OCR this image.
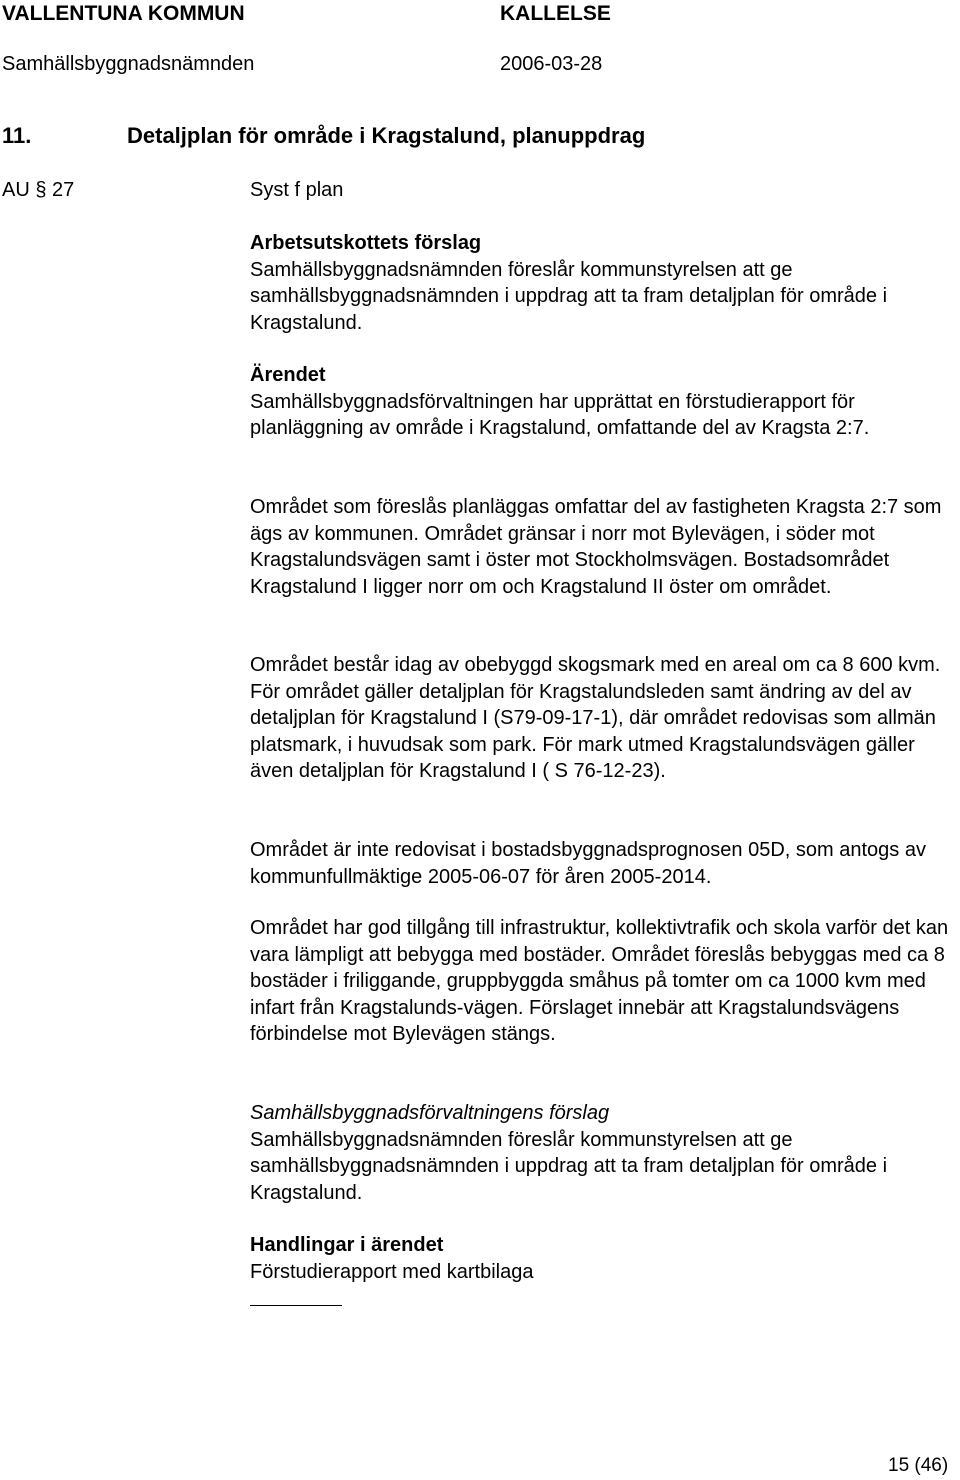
VALLENTUNA KOMMUN	KALLELSE
Samhällsbyggnadsnämnden	2006-03-28
11.	Detaljplan för område i Kragstalund, planuppdrag
AU § 27	Syst f plan

Arbetsutskottets förslag

Samhällsbyggnadsnämnden föreslår kommunstyrelsen att ge samhällsbyggnadsnämnden i uppdrag att ta fram detaljplan för område i Kragstalund.

Ärendet

Samhällsbyggnadsförvaltningen har upprättat en förstudierapport för planläggning av område i Kragstalund, omfattande del av Kragsta 2:7.

Området som föreslås planläggas omfattar del av fastigheten Kragsta 2:7 som ägs av kommunen. Området gränsar i norr mot Bylevägen, i söder mot Kragstalundsvägen samt i öster mot Stockholmsvägen. Bostadsområdet Kragstalund I ligger norr om och Kragstalund II öster om området.

Området består idag av obebyggd skogsmark med en areal om ca 8 600 kvm. För området gäller detaljplan för Kragstalundsleden samt ändring av del av detaljplan för Kragstalund I (S79-09-17-1), där området redovisas som allmän platsmark, i huvudsak som park. För mark utmed Kragstalundsvägen gäller även detaljplan för Kragstalund I ( S 76-12-23).

Området är inte redovisat i bostadsbyggnadsprognosen 05D, som antogs av kommunfullmäktige 2005-06-07 för åren 2005-2014.

Området har god tillgång till infrastruktur, kollektivtrafik och skola varför det kan vara lämpligt att bebygga med bostäder. Området föreslås bebyggas med ca 8 bostäder i friliggande, gruppbyggda småhus på tomter om ca 1000 kvm med infart från Kragstalunds-vägen. Förslaget innebär att Kragstalundsvägens förbindelse mot Bylevägen stängs.

Samhällsbyggnadsförvaltningens förslag

Samhällsbyggnadsnämnden föreslår kommunstyrelsen att ge samhällsbyggnadsnämnden i uppdrag att ta fram detaljplan för område i Kragstalund.

Handlingar i ärendet

Förstudierapport med kartbilaga

15 (46)
